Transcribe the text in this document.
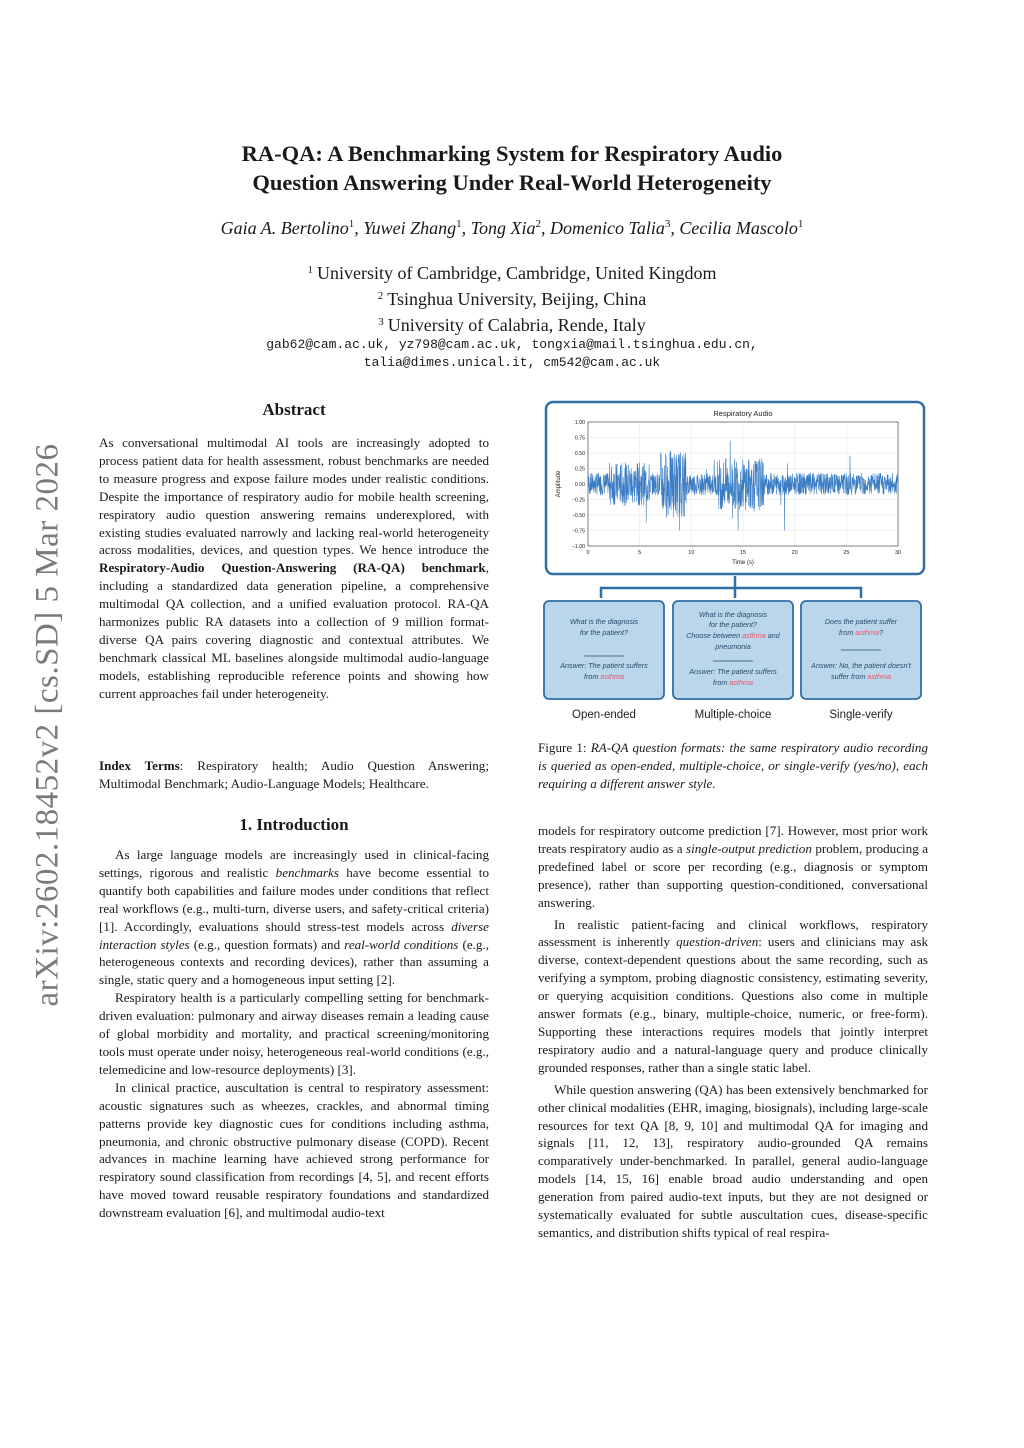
arXiv:2602.18452v2 [cs.SD] 5 Mar 2026
RA-QA: A Benchmarking System for Respiratory Audio
Question Answering Under Real-World Heterogeneity
Gaia A. Bertolino$^1$, Yuwei Zhang$^1$, Tong Xia$^2$, Domenico Talia$^3$, Cecilia Mascolo$^1$
$^1$ University of Cambridge, Cambridge, United Kingdom
$^2$ Tsinghua University, Beijing, China
$^3$ University of Calabria, Rende, Italy
gab62@cam.ac.uk, yz798@cam.ac.uk, tongxia@mail.tsinghua.edu.cn,
talia@dimes.unical.it, cm542@cam.ac.uk
Abstract
As conversational multimodal AI tools are increasingly adopted to process patient data for health assessment, robust benchmarks are needed to measure progress and expose failure modes under realistic conditions. Despite the importance of respiratory audio for mobile health screening, respiratory audio question answering remains underexplored, with existing studies evaluated narrowly and lacking real-world heterogeneity across modalities, devices, and question types. We hence introduce the Respiratory-Audio Question-Answering (RA-QA) benchmark, including a standardized data generation pipeline, a comprehensive multimodal QA collection, and a unified evaluation protocol. RA-QA harmonizes public RA datasets into a collection of 9 million format-diverse QA pairs covering diagnostic and contextual attributes. We benchmark classical ML baselines alongside multimodal audio-language models, establishing reproducible reference points and showing how current approaches fail under heterogeneity.
Index Terms: Respiratory health; Audio Question Answering; Multimodal Benchmark; Audio-Language Models; Healthcare.
1. Introduction
As large language models are increasingly used in clinical-facing settings, rigorous and realistic benchmarks have become essential to quantify both capabilities and failure modes under conditions that reflect real workflows (e.g., multi-turn, diverse users, and safety-critical criteria) [1]. Accordingly, evaluations should stress-test models across diverse interaction styles (e.g., question formats) and real-world conditions (e.g., heterogeneous contexts and recording devices), rather than assuming a single, static query and a homogeneous input setting [2].
Respiratory health is a particularly compelling setting for benchmark-driven evaluation: pulmonary and airway diseases remain a leading cause of global morbidity and mortality, and practical screening/monitoring tools must operate under noisy, heterogeneous real-world conditions (e.g., telemedicine and low-resource deployments) [3].
In clinical practice, auscultation is central to respiratory assessment: acoustic signatures such as wheezes, crackles, and abnormal timing patterns provide key diagnostic cues for conditions including asthma, pneumonia, and chronic obstructive pulmonary disease (COPD). Recent advances in machine learning have achieved strong performance for respiratory sound classification from recordings [4, 5], and recent efforts have moved toward reusable respiratory foundations and standardized downstream evaluation [6], and multimodal audio-text
Respiratory Audio
1.00
0.75
0.50
0.25
0.00
−0.25
−0.50
−0.75
−1.00
0	5	10	15	20	25	30
Time (s)
Amplitude
What is the diagnosis
for the patient?
Answer: The patient suffers
from asthma
What is the diagnosis
for the patient?
Choose between asthma and
pneumonia
Answer: The patient suffers
from asthma
Does the patient suffer
from asthma?
Answer: No, the patient doesn't
suffer from asthma
Open-ended	Multiple-choice	Single-verify
Figure 1: RA-QA question formats: the same respiratory audio recording is queried as open-ended, multiple-choice, or single-verify (yes/no), each requiring a different answer style.
models for respiratory outcome prediction [7]. However, most prior work treats respiratory audio as a single-output prediction problem, producing a predefined label or score per recording (e.g., diagnosis or symptom presence), rather than supporting question-conditioned, conversational answering.
In realistic patient-facing and clinical workflows, respiratory assessment is inherently question-driven: users and clinicians may ask diverse, context-dependent questions about the same recording, such as verifying a symptom, probing diagnostic consistency, estimating severity, or querying acquisition conditions. Questions also come in multiple answer formats (e.g., binary, multiple-choice, numeric, or free-form). Supporting these interactions requires models that jointly interpret respiratory audio and a natural-language query and produce clinically grounded responses, rather than a single static label.
While question answering (QA) has been extensively benchmarked for other clinical modalities (EHR, imaging, biosignals), including large-scale resources for text QA [8, 9, 10] and multimodal QA for imaging and signals [11, 12, 13], respiratory audio-grounded QA remains comparatively under-benchmarked. In parallel, general audio-language models [14, 15, 16] enable broad audio understanding and open generation from paired audio-text inputs, but they are not designed or systematically evaluated for subtle auscultation cues, disease-specific semantics, and distribution shifts typical of real respira-
